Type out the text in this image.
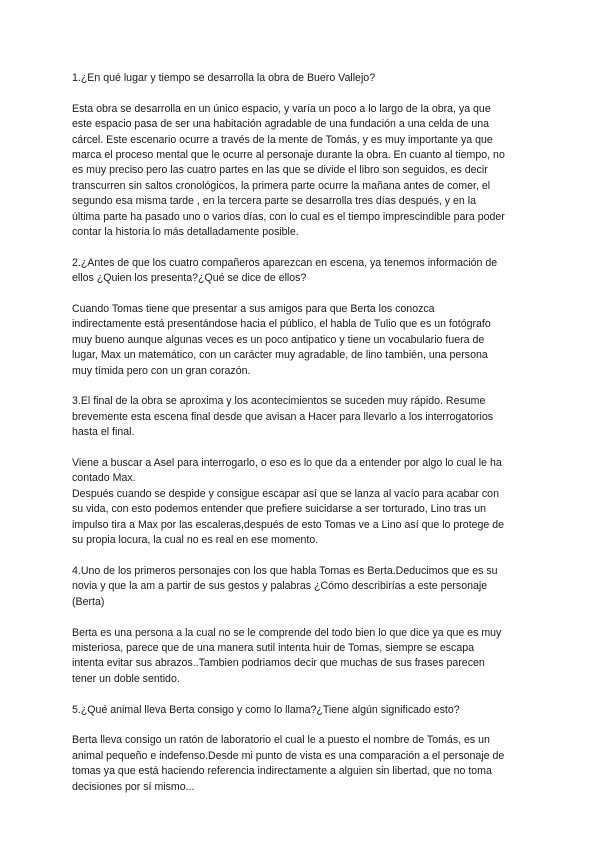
1.¿En qué lugar y tiempo se desarrolla la obra de Buero Vallejo?

Esta obra se desarrolla en un único espacio, y varía un poco a lo largo de la obra, ya que
este espacio pasa de ser una habitación agradable de una fundación a una celda de una
cárcel. Este escenario ocurre a través de la mente de Tomás, y es muy importante ya que
marca el proceso mental que le ocurre al personaje durante la obra. En cuanto al tiempo, no
es muy preciso pero las cuatro partes en las que se divide el libro son seguidos, es decir
transcurren sin saltos cronológicos, la primera parte ocurre la mañana antes de comer, el
segundo esa misma tarde , en la tercera parte se desarrolla tres días después, y en la
última parte ha pasado uno o varios días, con lo cual es el tiempo imprescindible para poder
contar la historia lo más detalladamente posible.

2.¿Antes de que los cuatro compañeros aparezcan en escena, ya tenemos información de
ellos ¿Quien los presenta?¿Qué se dice de ellos?

Cuando Tomas tiene que presentar a sus amigos para que Berta los conozca
indirectamente está presentándose hacia el público, el habla de Tulio que es un fotógrafo
muy bueno aunque algunas veces es un poco antipatico y tiene un vocabulario fuera de
lugar, Max un matemático, con un carácter muy agradable, de lino también, una persona
muy tímida pero con un gran corazón.

3.El final de la obra se aproxima y los acontecimientos se suceden muy rápido. Resume
brevemente esta escena final desde que avisan a Hacer para llevarlo a los interrogatorios
hasta el final.

Viene a buscar a Asel para interrogarlo, o eso es lo que da a entender por algo lo cual le ha
contado Max.
Después cuando se despide y consigue escapar así que se lanza al vacío para acabar con
su vida, con esto podemos entender que prefiere suicidarse a ser torturado, Lino tras un
impulso tira a Max por las escaleras,después de esto Tomas ve a Lino así que lo protege de
su propia locura, la cual no es real en ese momento.

4.Uno de los primeros personajes con los que habla Tomas es Berta.Deducimos que es su
novia y que la am a partir de sus gestos y palabras ¿Cómo describirías a este personaje
(Berta)

Berta es una persona a la cual no se le comprende del todo bien lo que dice ya que es muy
misteriosa, parece que de una manera sutil intenta huir de Tomas, siempre se escapa
intenta evitar sus abrazos..Tambien podriamos decir que muchas de sus frases parecen
tener un doble sentido.

5.¿Qué animal lleva Berta consigo y como lo llama?¿Tiene algún significado esto?

Berta lleva consigo un ratón de laboratorio el cual le a puesto el nombre de Tomás, es un
animal pequeño e indefenso.Desde mi punto de vista es una comparación a el personaje de
tomas ya que está haciendo referencia indirectamente a alguien sin libertad, que no toma
decisiones por sí mismo...
